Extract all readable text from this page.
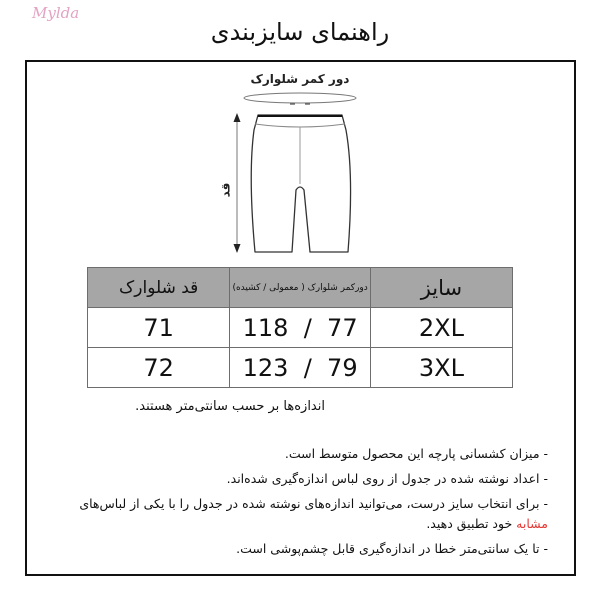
Mylda
راهنمای سایزبندی
دور کمر شلوارک
قد
سایز	دورکمر شلوارک ( معمولی / کشیده)	قد شلوارک
2XL	118  /  77	71
3XL	123  /  79	72
اندازه‌ها بر حسب سانتی‌متر هستند.
- میزان کشسانی پارچه این محصول متوسط است.
- اعداد نوشته شده در جدول از روی لباس اندازه‌گیری شده‌اند.
- برای انتخاب سایز درست، می‌توانید اندازه‌های نوشته شده در جدول را با یکی از لباس‌های مشابه خود تطبیق دهید.
- تا یک سانتی‌متر خطا در اندازه‌گیری قابل چشم‌پوشی است.
